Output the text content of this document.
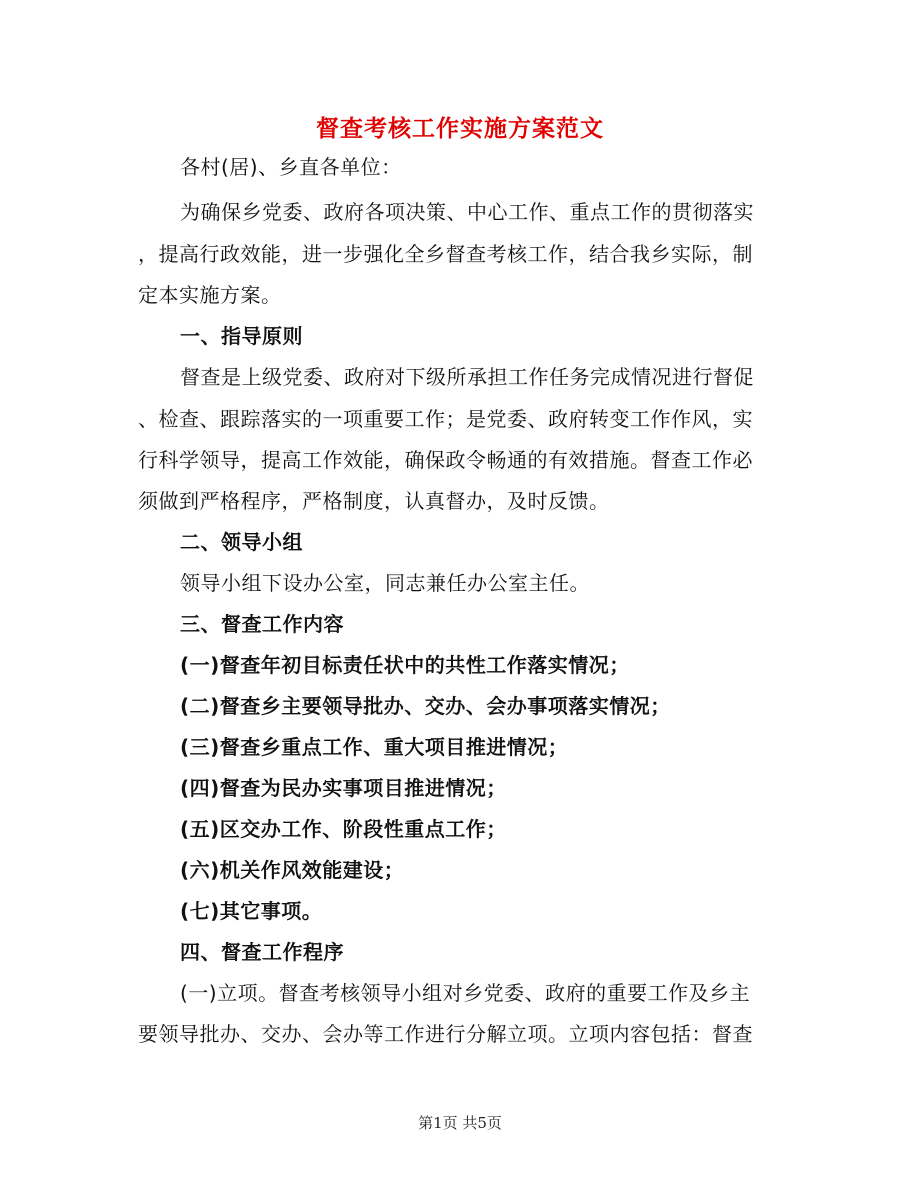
督查考核工作实施方案范文
各村(居)、乡直各单位：
为确保乡党委、政府各项决策、中心工作、重点工作的贯彻落实
，提高行政效能，进一步强化全乡督查考核工作，结合我乡实际，制
定本实施方案。
一、指导原则
督查是上级党委、政府对下级所承担工作任务完成情况进行督促
、检查、跟踪落实的一项重要工作；是党委、政府转变工作作风，实
行科学领导，提高工作效能，确保政令畅通的有效措施。督查工作必
须做到严格程序，严格制度，认真督办，及时反馈。
二、领导小组
领导小组下设办公室，同志兼任办公室主任。
三、督查工作内容
(一)督查年初目标责任状中的共性工作落实情况；
(二)督查乡主要领导批办、交办、会办事项落实情况；
(三)督查乡重点工作、重大项目推进情况；
(四)督查为民办实事项目推进情况；
(五)区交办工作、阶段性重点工作；
(六)机关作风效能建设；
(七)其它事项。
四、督查工作程序
(一)立项。督查考核领导小组对乡党委、政府的重要工作及乡主
要领导批办、交办、会办等工作进行分解立项。立项内容包括：督查
第1页 共5页
